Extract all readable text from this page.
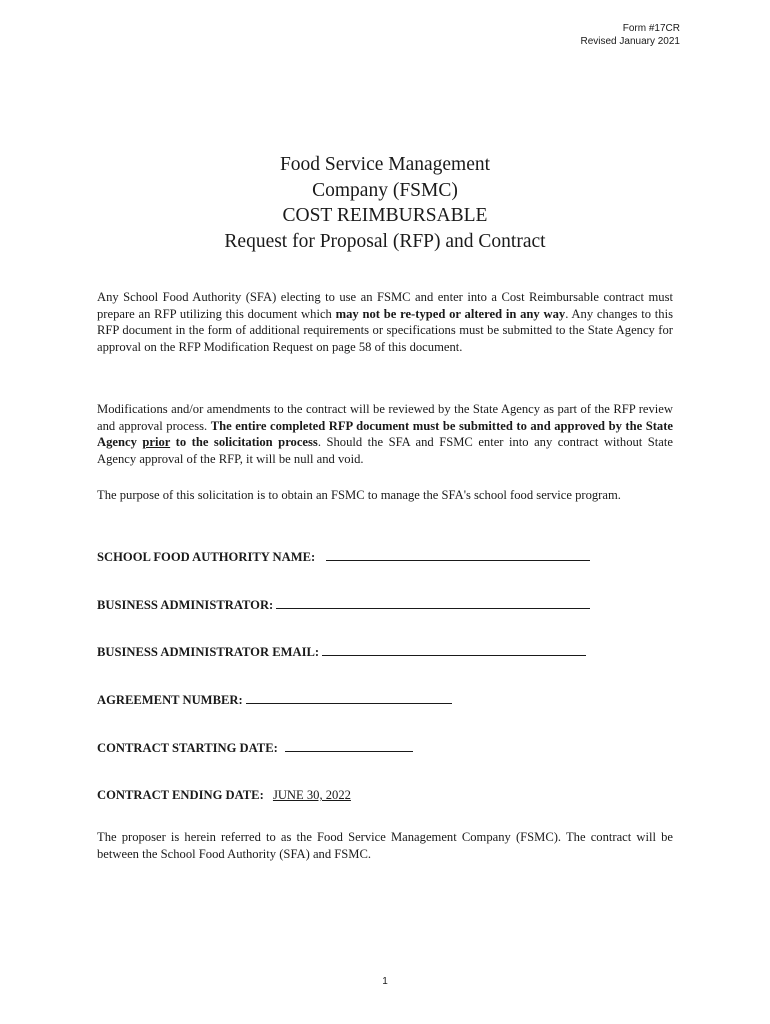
Form #17CR
Revised January 2021
Food Service Management
Company (FSMC)
COST REIMBURSABLE
Request for Proposal (RFP) and Contract

Any School Food Authority (SFA) electing to use an FSMC and enter into a Cost Reimbursable contract must prepare an RFP utilizing this document which may not be re-typed or altered in any way. Any changes to this RFP document in the form of additional requirements or specifications must be submitted to the State Agency for approval on the RFP Modification Request on page 58 of this document.

Modifications and/or amendments to the contract will be reviewed by the State Agency as part of the RFP review and approval process. The entire completed RFP document must be submitted to and approved by the State Agency prior to the solicitation process. Should the SFA and FSMC enter into any contract without State Agency approval of the RFP, it will be null and void.

The purpose of this solicitation is to obtain an FSMC to manage the SFA's school food service program.

SCHOOL FOOD AUTHORITY NAME:
BUSINESS ADMINISTRATOR:
BUSINESS ADMINISTRATOR EMAIL:
AGREEMENT NUMBER:
CONTRACT STARTING DATE:
CONTRACT ENDING DATE: JUNE 30, 2022

The proposer is herein referred to as the Food Service Management Company (FSMC). The contract will be between the School Food Authority (SFA) and FSMC.

1
